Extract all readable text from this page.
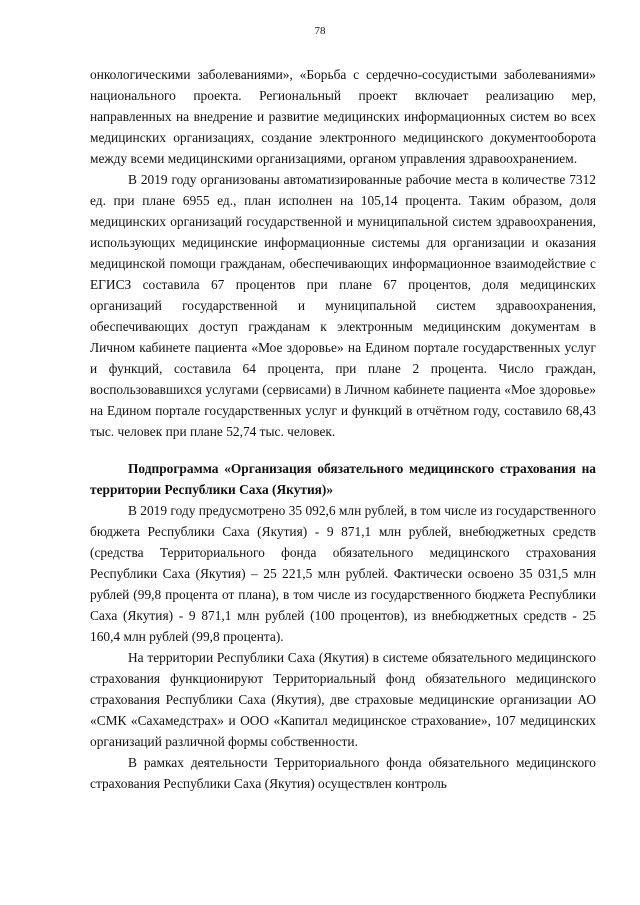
78

онкологическими заболеваниями», «Борьба с сердечно-сосудистыми заболеваниями» национального проекта. Региональный проект включает реализацию мер, направленных на внедрение и развитие медицинских информационных систем во всех медицинских организациях, создание электронного медицинского документооборота между всеми медицинскими организациями, органом управления здравоохранением.

В 2019 году организованы автоматизированные рабочие места в количестве 7312 ед. при плане 6955 ед., план исполнен на 105,14 процента. Таким образом, доля медицинских организаций государственной и муниципальной систем здравоохранения, использующих медицинские информационные системы для организации и оказания медицинской помощи гражданам, обеспечивающих информационное взаимодействие с ЕГИСЗ составила 67 процентов при плане 67 процентов, доля медицинских организаций государственной и муниципальной систем здравоохранения, обеспечивающих доступ гражданам к электронным медицинским документам в Личном кабинете пациента «Мое здоровье» на Едином портале государственных услуг и функций, составила 64 процента, при плане 2 процента. Число граждан, воспользовавшихся услугами (сервисами) в Личном кабинете пациента «Мое здоровье» на Едином портале государственных услуг и функций в отчётном году, составило 68,43 тыс. человек при плане 52,74 тыс. человек.

Подпрограмма «Организация обязательного медицинского страхования на территории Республики Саха (Якутия)»

В 2019 году предусмотрено 35 092,6 млн рублей, в том числе из государственного бюджета Республики Саха (Якутия) - 9 871,1 млн рублей, внебюджетных средств (средства Территориального фонда обязательного медицинского страхования Республики Саха (Якутия) – 25 221,5 млн рублей. Фактически освоено 35 031,5 млн рублей (99,8 процента от плана), в том числе из государственного бюджета Республики Саха (Якутия) - 9 871,1 млн рублей (100 процентов), из внебюджетных средств - 25 160,4 млн рублей (99,8 процента).

На территории Республики Саха (Якутия) в системе обязательного медицинского страхования функционируют Территориальный фонд обязательного медицинского страхования Республики Саха (Якутия), две страховые медицинские организации АО «СМК «Сахамедстрах» и ООО «Капитал медицинское страхование», 107 медицинских организаций различной формы собственности.

В рамках деятельности Территориального фонда обязательного медицинского страхования Республики Саха (Якутия) осуществлен контроль
